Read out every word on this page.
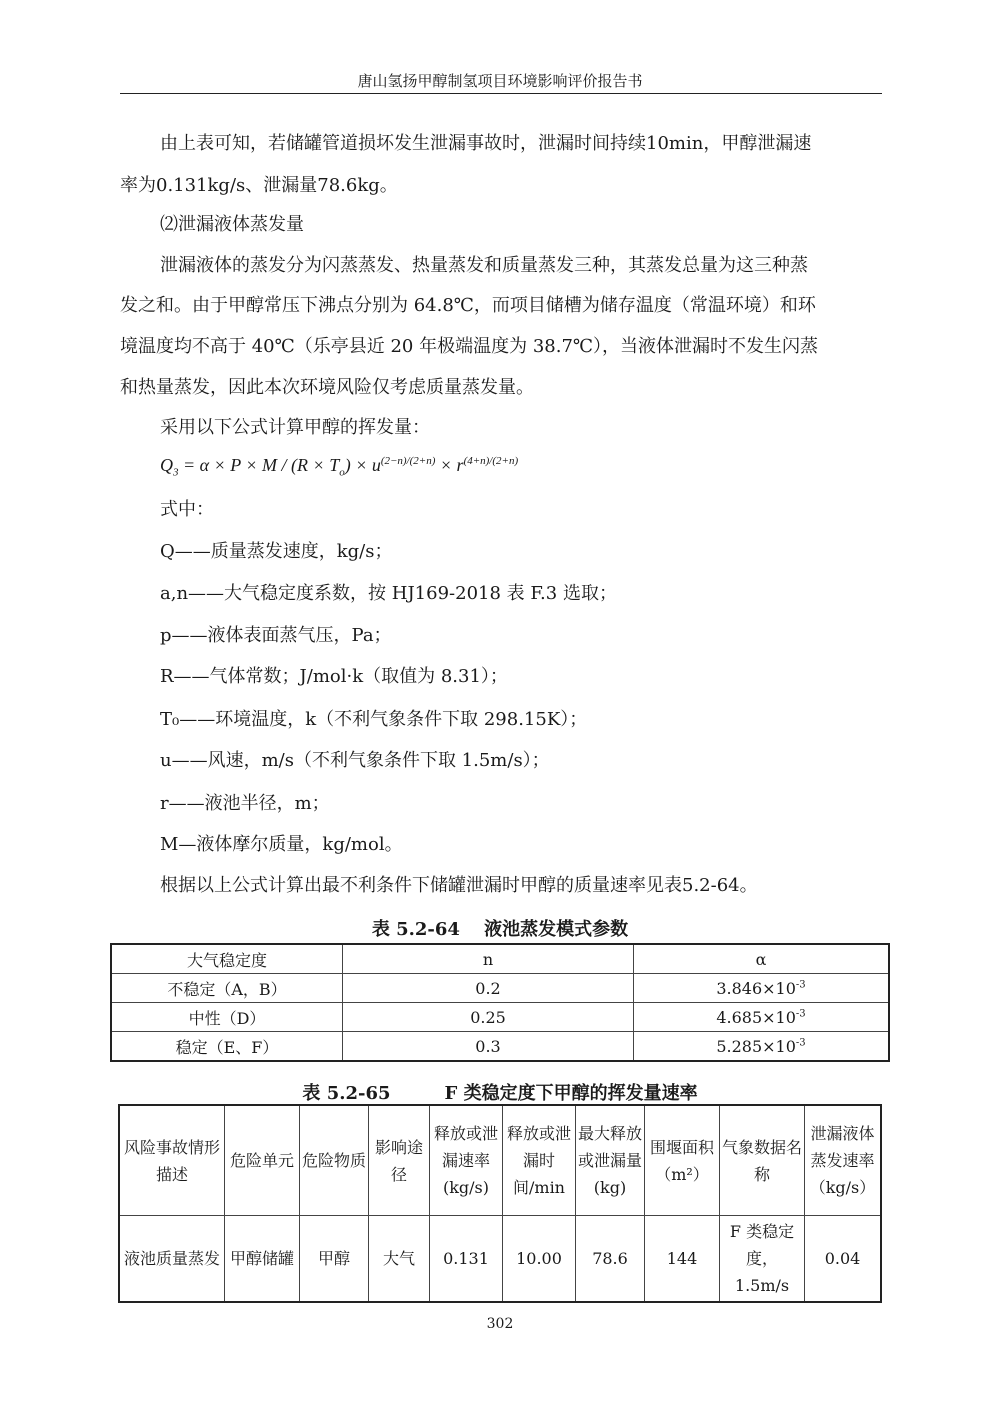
唐山氢扬甲醇制氢项目环境影响评价报告书
由上表可知，若储罐管道损坏发生泄漏事故时，泄漏时间持续10min，甲醇泄漏速
率为0.131kg/s、泄漏量78.6kg。
⑵泄漏液体蒸发量
泄漏液体的蒸发分为闪蒸蒸发、热量蒸发和质量蒸发三种，其蒸发总量为这三种蒸
发之和。由于甲醇常压下沸点分别为 64.8℃，而项目储槽为储存温度（常温环境）和环
境温度均不高于 40℃（乐亭县近 20 年极端温度为 38.7℃），当液体泄漏时不发生闪蒸
和热量蒸发，因此本次环境风险仅考虑质量蒸发量。
采用以下公式计算甲醇的挥发量：
$Q_3 = \alpha \times P \times M / (R \times T_o) \times u^{(2-n)/(2+n)} \times r^{(4+n)/(2+n)}$
式中：
Q——质量蒸发速度，kg/s；
a,n——大气稳定度系数，按 HJ169-2018 表 F.3 选取；
p——液体表面蒸气压，Pa；
R——气体常数；J/mol·k（取值为 8.31）；
T₀——环境温度，k（不利气象条件下取 298.15K）；
u——风速，m/s（不利气象条件下取 1.5m/s）；
r——液池半径，m；
M—液体摩尔质量，kg/mol。
根据以上公式计算出最不利条件下储罐泄漏时甲醇的质量速率见表5.2-64。
表 5.2-64　 液池蒸发模式参数
大气稳定度	n	α
不稳定（A，B）	0.2	$3.846\times 10^{-3}$
中性（D）	0.25	$4.685\times 10^{-3}$
稳定（E、F）	0.3	$5.285\times 10^{-3}$
表 5.2-65　　　F 类稳定度下甲醇的挥发量速率
风险事故情形描述	危险单元	危险物质	影响途径	释放或泄漏速率(kg/s)	释放或泄漏时间/min	最大释放或泄漏量(kg)	围堰面积（m²）	气象数据名称	泄漏液体蒸发速率（kg/s）
液池质量蒸发	甲醇储罐	甲醇	大气	0.131	10.00	78.6	144	F 类稳定度，1.5m/s	0.04
302
